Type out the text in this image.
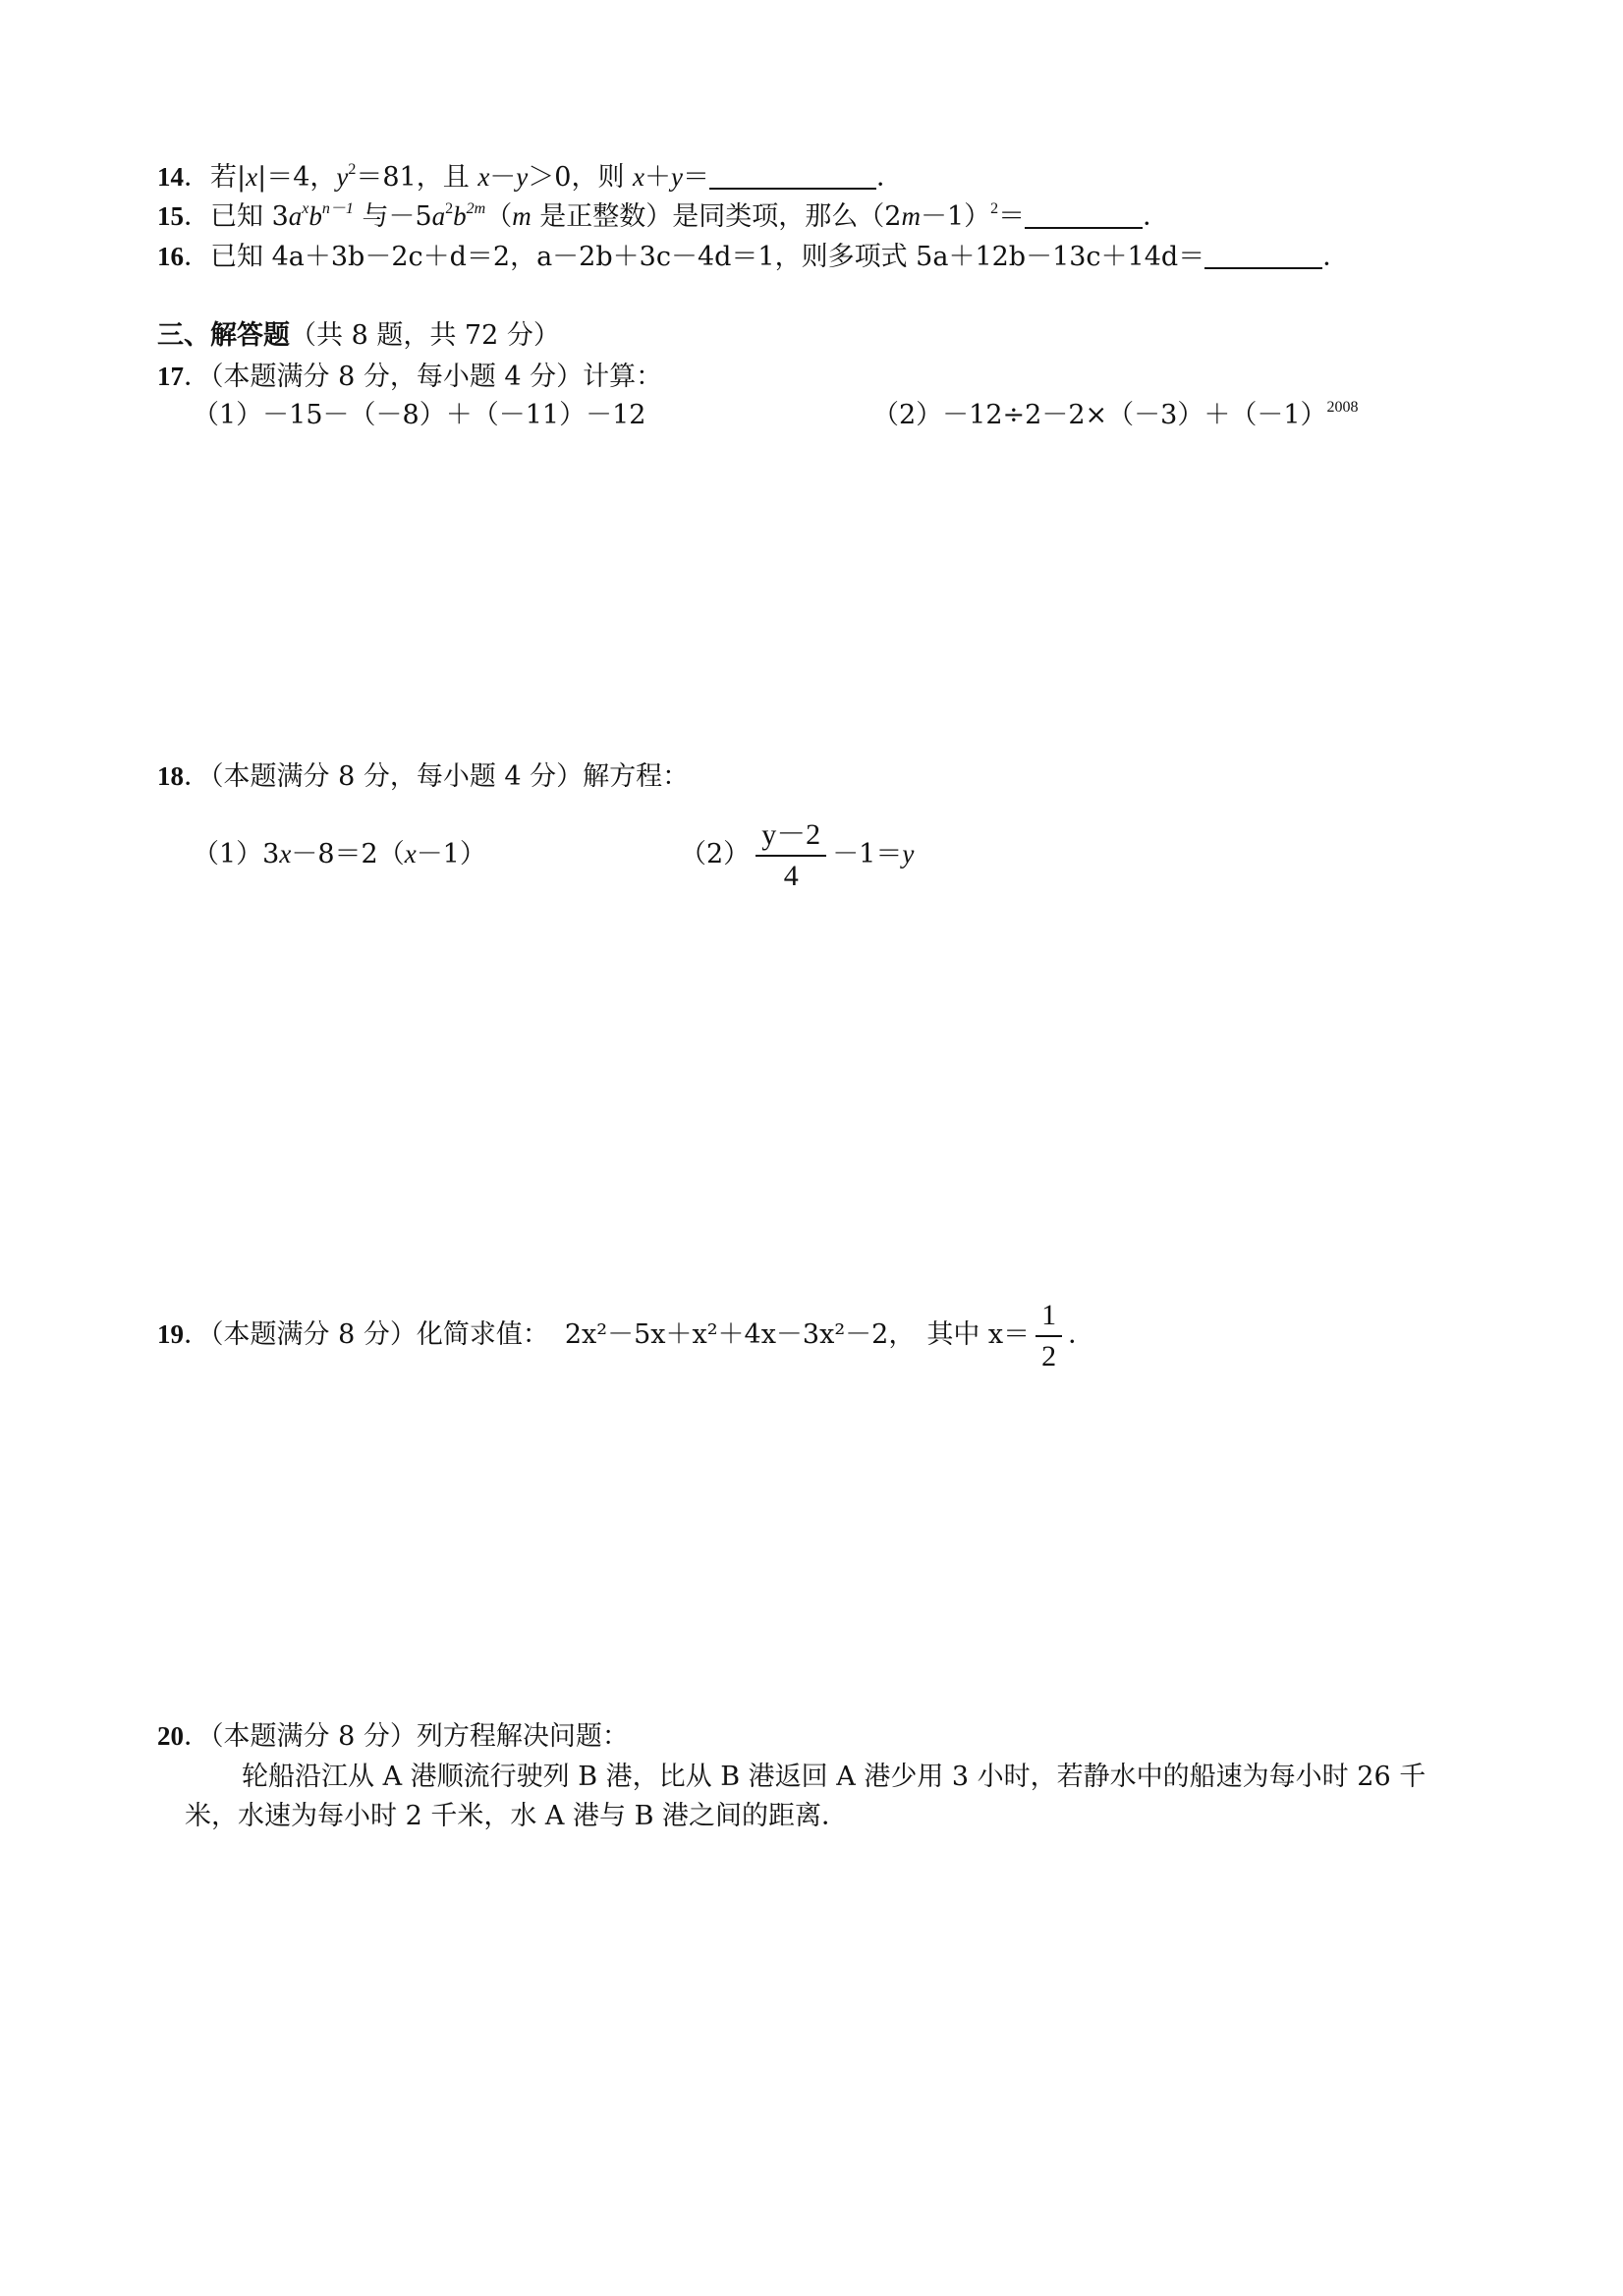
14．若|x|＝4，$y^2=81$，且 x－y＞0，则 x＋y＝	．
15．已知 $3a^xb^{n-1}$ 与$-5a^2b^{2m}(m$ 是正整数）是同类项，那么$(2m-1)^2=$	．
16．已知 4a＋3b－2c＋d＝2，a－2b＋3c－4d＝1，则多项式 5a＋12b－13c＋14d＝	．
三、解答题（共 8 题，共 72 分）
17．（本题满分 8 分，每小题 4 分）计算：
（1）－15－（－8）＋（－11）－12	$(2)-12\div 2-2\times(-3)+(-1)^{2008}$
18．（本题满分 8 分，每小题 4 分）解方程：
（1）3x－8＝2（x－1）	$(2) \frac{y-2}{4} -1=y$
19．（本题满分 8 分）化简求值： 2x²－5x＋x²＋4x－3x²－2， 其中 $x= \frac{1}{2}$ ．
20．（本题满分 8 分）列方程解决问题：
轮船沿江从 A 港顺流行驶列 B 港，比从 B 港返回 A 港少用 3 小时，若静水中的船速为每小时 26 千
米，水速为每小时 2 千米，水 A 港与 B 港之间的距离．
